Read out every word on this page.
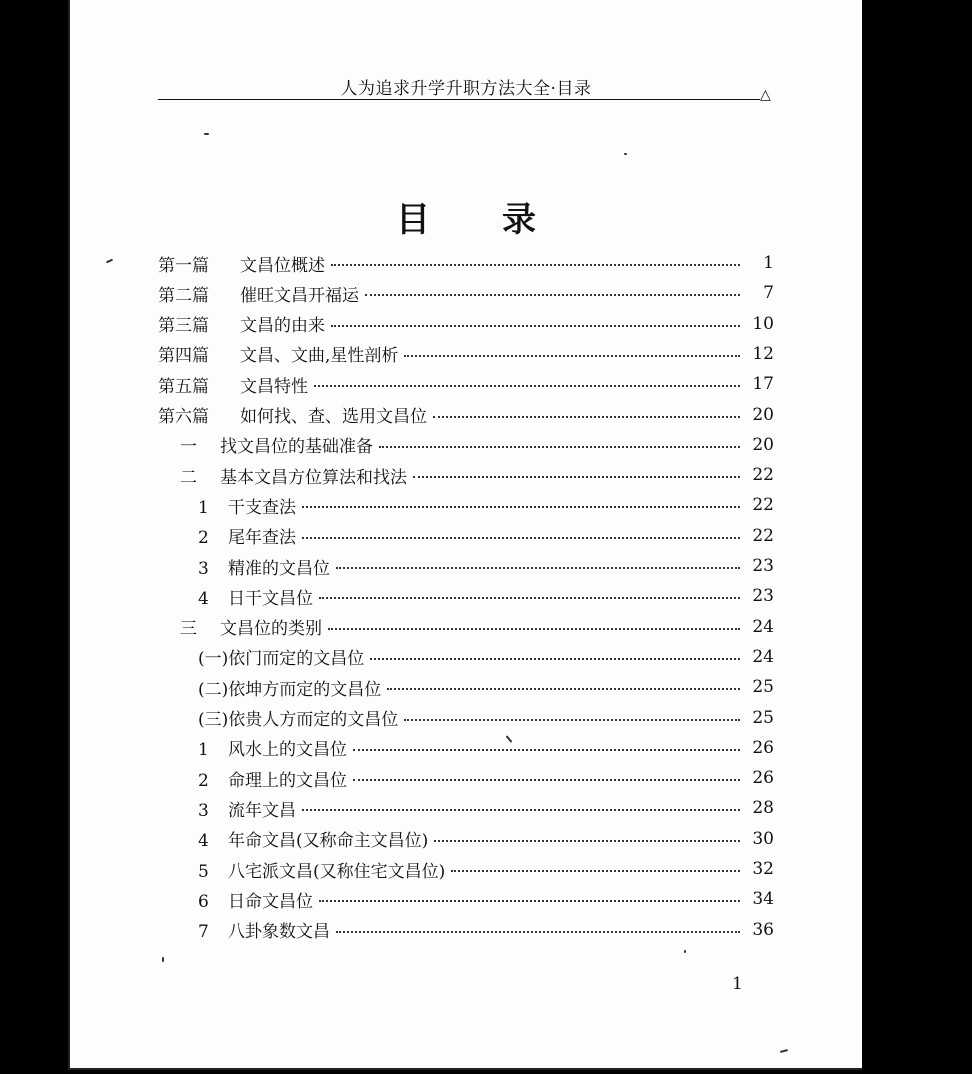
人为追求升学升职方法大全·目录	△
目录
第一篇 文昌位概述	1
第二篇 催旺文昌开福运	7
第三篇 文昌的由来	10
第四篇 文昌、文曲,星性剖析	12
第五篇 文昌特性	17
第六篇 如何找、查、选用文昌位	20
一 找文昌位的基础准备	20
二 基本文昌方位算法和找法	22
1 干支查法	22
2 尾年查法	22
3 精准的文昌位	23
4 日干文昌位	23
三 文昌位的类别	24
(一)依门而定的文昌位	24
(二)依坤方而定的文昌位	25
(三)依贵人方而定的文昌位	25
1 风水上的文昌位	26
2 命理上的文昌位	26
3 流年文昌	28
4 年命文昌(又称命主文昌位)	30
5 八宅派文昌(又称住宅文昌位)	32
6 日命文昌位	34
7 八卦象数文昌	36
1
